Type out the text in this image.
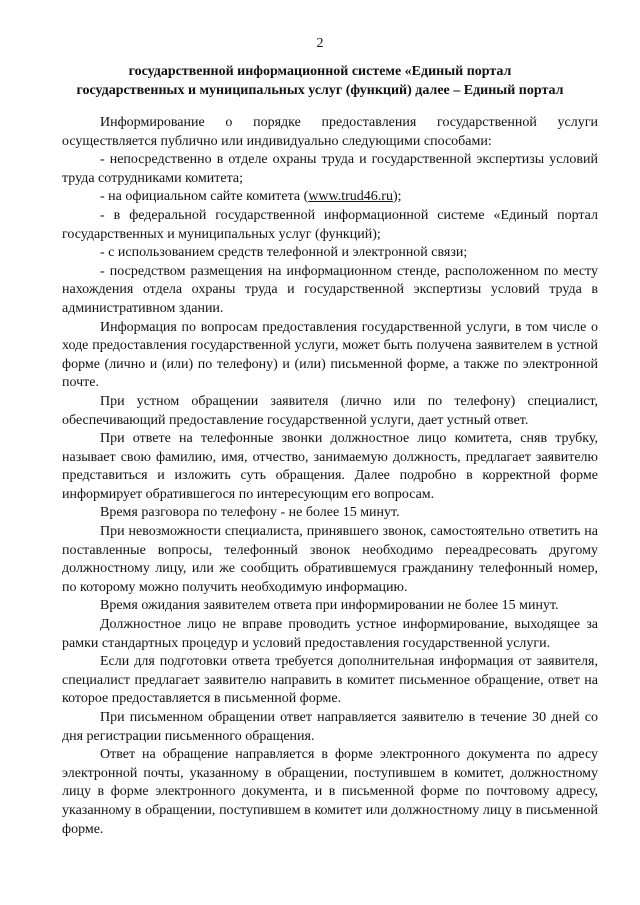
2
государственной информационной системе «Единый портал
государственных и муниципальных услуг (функций) далее – Единый портал

Информирование о порядке предоставления государственной услуги осуществляется публично или индивидуально следующими способами:

- непосредственно в отделе охраны труда и государственной экспертизы условий труда сотрудниками комитета;

- на официальном сайте комитета (www.trud46.ru);

- в федеральной государственной информационной системе «Единый портал государственных и муниципальных услуг (функций);

- с использованием средств телефонной и электронной связи;

- посредством размещения на информационном стенде, расположенном по месту нахождения отдела охраны труда и государственной экспертизы условий труда в административном здании.

Информация по вопросам предоставления государственной услуги, в том числе о ходе предоставления государственной услуги, может быть получена заявителем в устной форме (лично и (или) по телефону) и (или) письменной форме, а также по электронной почте.

При устном обращении заявителя (лично или по телефону) специалист, обеспечивающий предоставление государственной услуги, дает устный ответ.

При ответе на телефонные звонки должностное лицо комитета, сняв трубку, называет свою фамилию, имя, отчество, занимаемую должность, предлагает заявителю представиться и изложить суть обращения. Далее подробно в корректной форме информирует обратившегося по интересующим его вопросам.

Время разговора по телефону - не более 15 минут.

При невозможности специалиста, принявшего звонок, самостоятельно ответить на поставленные вопросы, телефонный звонок необходимо переадресовать другому должностному лицу, или же сообщить обратившемуся гражданину телефонный номер, по которому можно получить необходимую информацию.

Время ожидания заявителем ответа при информировании не более 15 минут.

Должностное лицо не вправе проводить устное информирование, выходящее за рамки стандартных процедур и условий предоставления государственной услуги.

Если для подготовки ответа требуется дополнительная информация от заявителя, специалист предлагает заявителю направить в комитет письменное обращение, ответ на которое предоставляется в письменной форме.

При письменном обращении ответ направляется заявителю в течение 30 дней со дня регистрации письменного обращения.

Ответ на обращение направляется в форме электронного документа по адресу электронной почты, указанному в обращении, поступившем в комитет, должностному лицу в форме электронного документа, и в письменной форме по почтовому адресу, указанному в обращении, поступившем в комитет или должностному лицу в письменной форме.
